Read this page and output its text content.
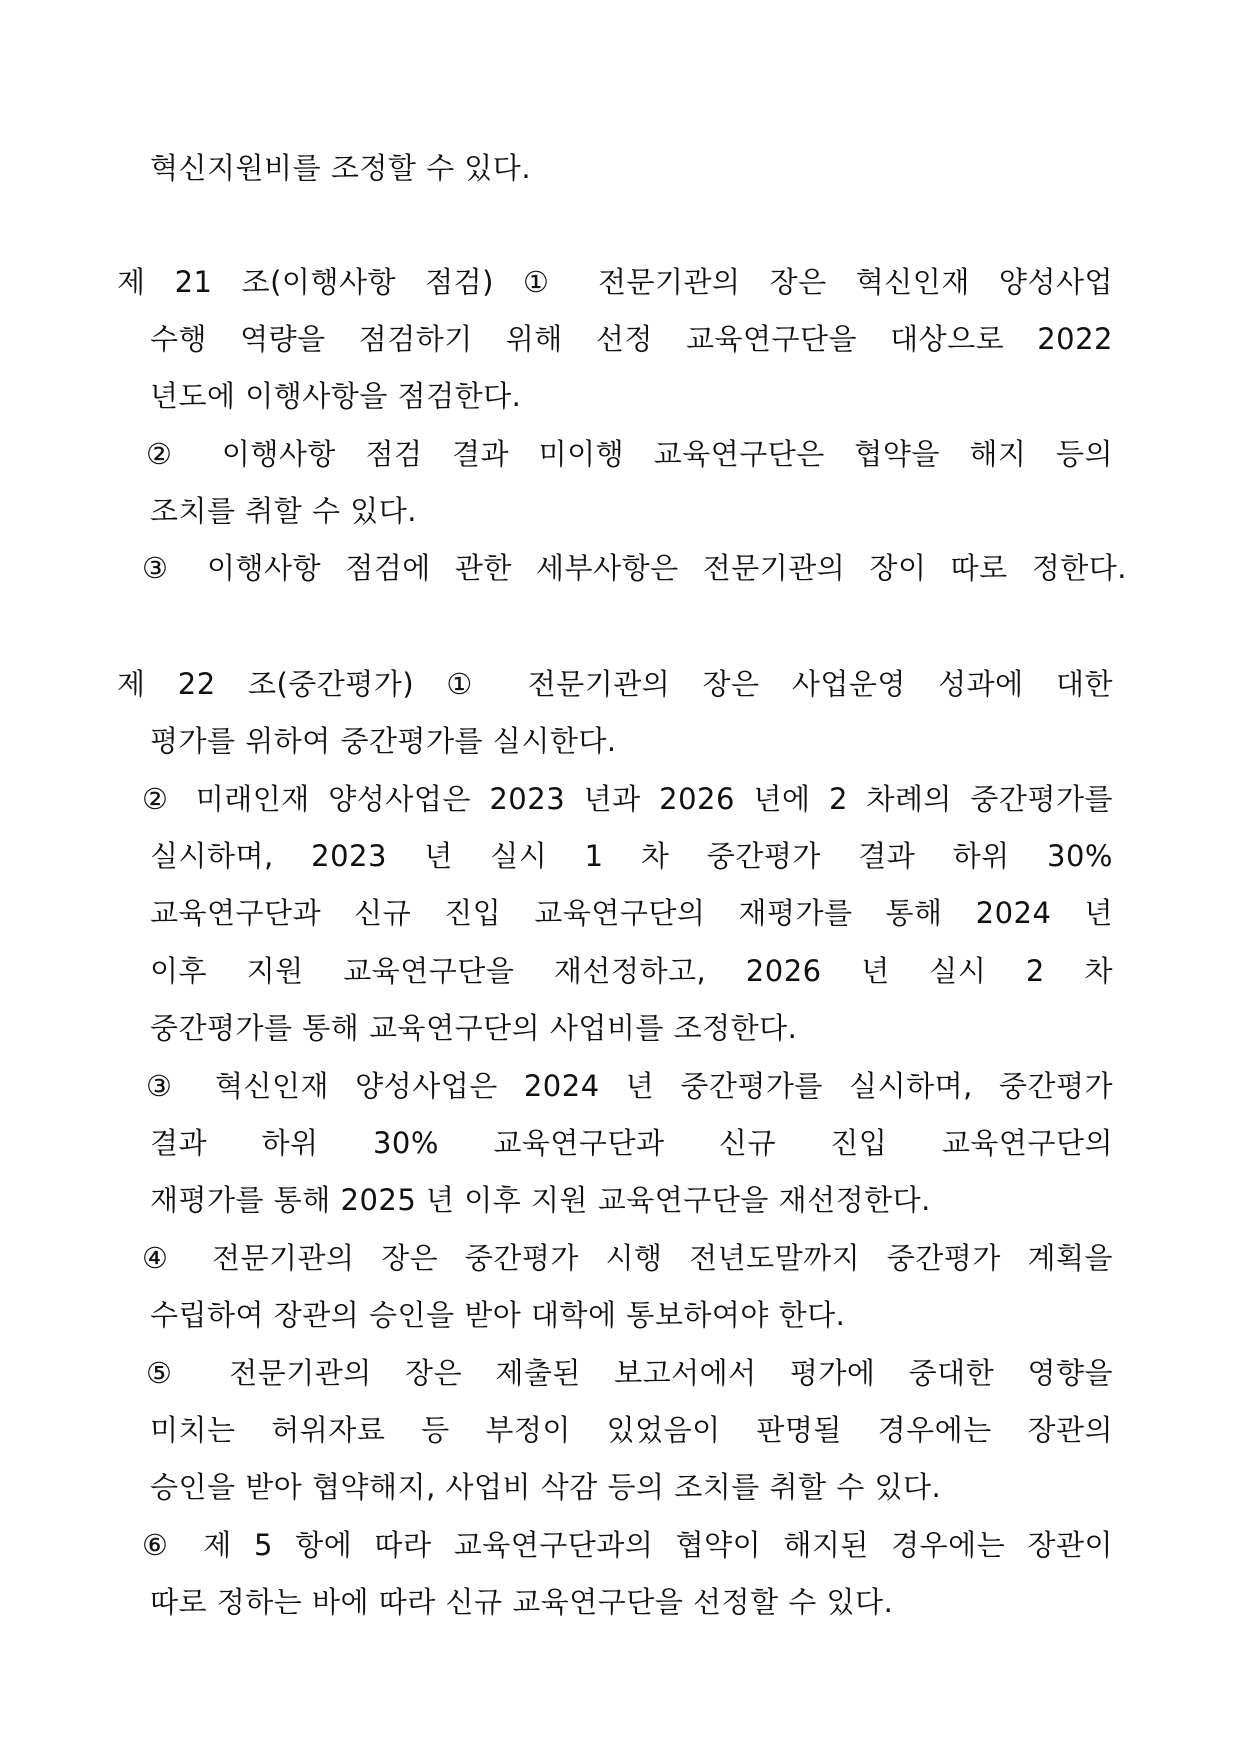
혁신지원비를 조정할 수 있다.
제 21 조(이행사항 점검) ① 전문기관의 장은 혁신인재 양성사업
수행 역량을 점검하기 위해 선정 교육연구단을 대상으로 2022
년도에 이행사항을 점검한다.
② 이행사항 점검 결과 미이행 교육연구단은 협약을 해지 등의
조치를 취할 수 있다.
③ 이행사항 점검에 관한 세부사항은 전문기관의 장이 따로 정한다.
제 22 조(중간평가) ① 전문기관의 장은 사업운영 성과에 대한
평가를 위하여 중간평가를 실시한다.
② 미래인재 양성사업은 2023 년과 2026 년에 2 차례의 중간평가를
실시하며, 2023 년 실시 1 차 중간평가 결과 하위 30%
교육연구단과 신규 진입 교육연구단의 재평가를 통해 2024 년
이후 지원 교육연구단을 재선정하고, 2026 년 실시 2 차
중간평가를 통해 교육연구단의 사업비를 조정한다.
③ 혁신인재 양성사업은 2024 년 중간평가를 실시하며, 중간평가
결과 하위 30% 교육연구단과 신규 진입 교육연구단의
재평가를 통해 2025 년 이후 지원 교육연구단을 재선정한다.
④ 전문기관의 장은 중간평가 시행 전년도말까지 중간평가 계획을
수립하여 장관의 승인을 받아 대학에 통보하여야 한다.
⑤ 전문기관의 장은 제출된 보고서에서 평가에 중대한 영향을
미치는 허위자료 등 부정이 있었음이 판명될 경우에는 장관의
승인을 받아 협약해지, 사업비 삭감 등의 조치를 취할 수 있다.
⑥ 제 5 항에 따라 교육연구단과의 협약이 해지된 경우에는 장관이
따로 정하는 바에 따라 신규 교육연구단을 선정할 수 있다.
